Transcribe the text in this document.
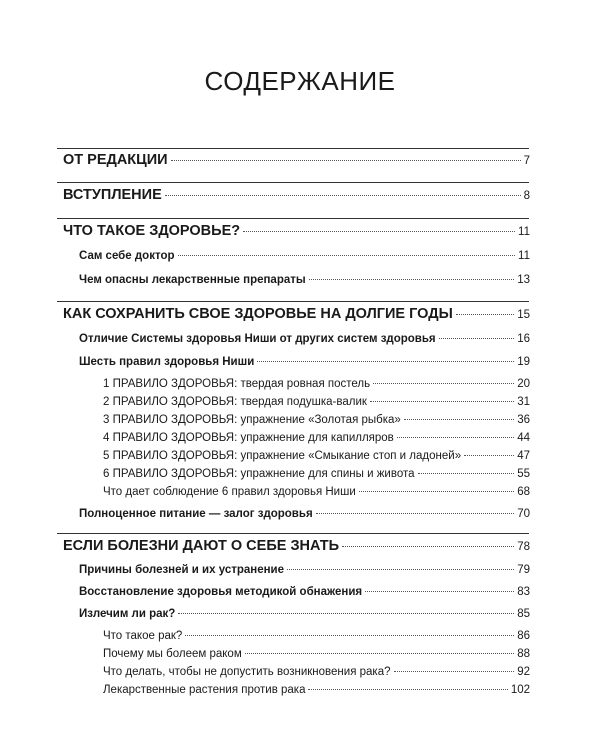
СОДЕРЖАНИЕ
ОТ РЕДАКЦИИ	7
ВСТУПЛЕНИЕ	8
ЧТО ТАКОЕ ЗДОРОВЬЕ?	11
Сам себе доктор	11
Чем опасны лекарственные препараты	13
КАК СОХРАНИТЬ СВОЕ ЗДОРОВЬЕ НА ДОЛГИЕ ГОДЫ	15
Отличие Системы здоровья Ниши от других систем здоровья	16
Шесть правил здоровья Ниши	19
1 ПРАВИЛО ЗДОРОВЬЯ: твердая ровная постель	20
2 ПРАВИЛО ЗДОРОВЬЯ: твердая подушка-валик	31
3 ПРАВИЛО ЗДОРОВЬЯ: упражнение «Золотая рыбка»	36
4 ПРАВИЛО ЗДОРОВЬЯ: упражнение для капилляров	44
5 ПРАВИЛО ЗДОРОВЬЯ: упражнение «Смыкание стоп и ладоней»	47
6 ПРАВИЛО ЗДОРОВЬЯ: упражнение для спины и живота	55
Что дает соблюдение 6 правил здоровья Ниши	68
Полноценное питание — залог здоровья	70
ЕСЛИ БОЛЕЗНИ ДАЮТ О СЕБЕ ЗНАТЬ	78
Причины болезней и их устранение	79
Восстановление здоровья методикой обнажения	83
Излечим ли рак?	85
Что такое рак?	86
Почему мы болеем раком	88
Что делать, чтобы не допустить возникновения рака?	92
Лекарственные растения против рака	102
